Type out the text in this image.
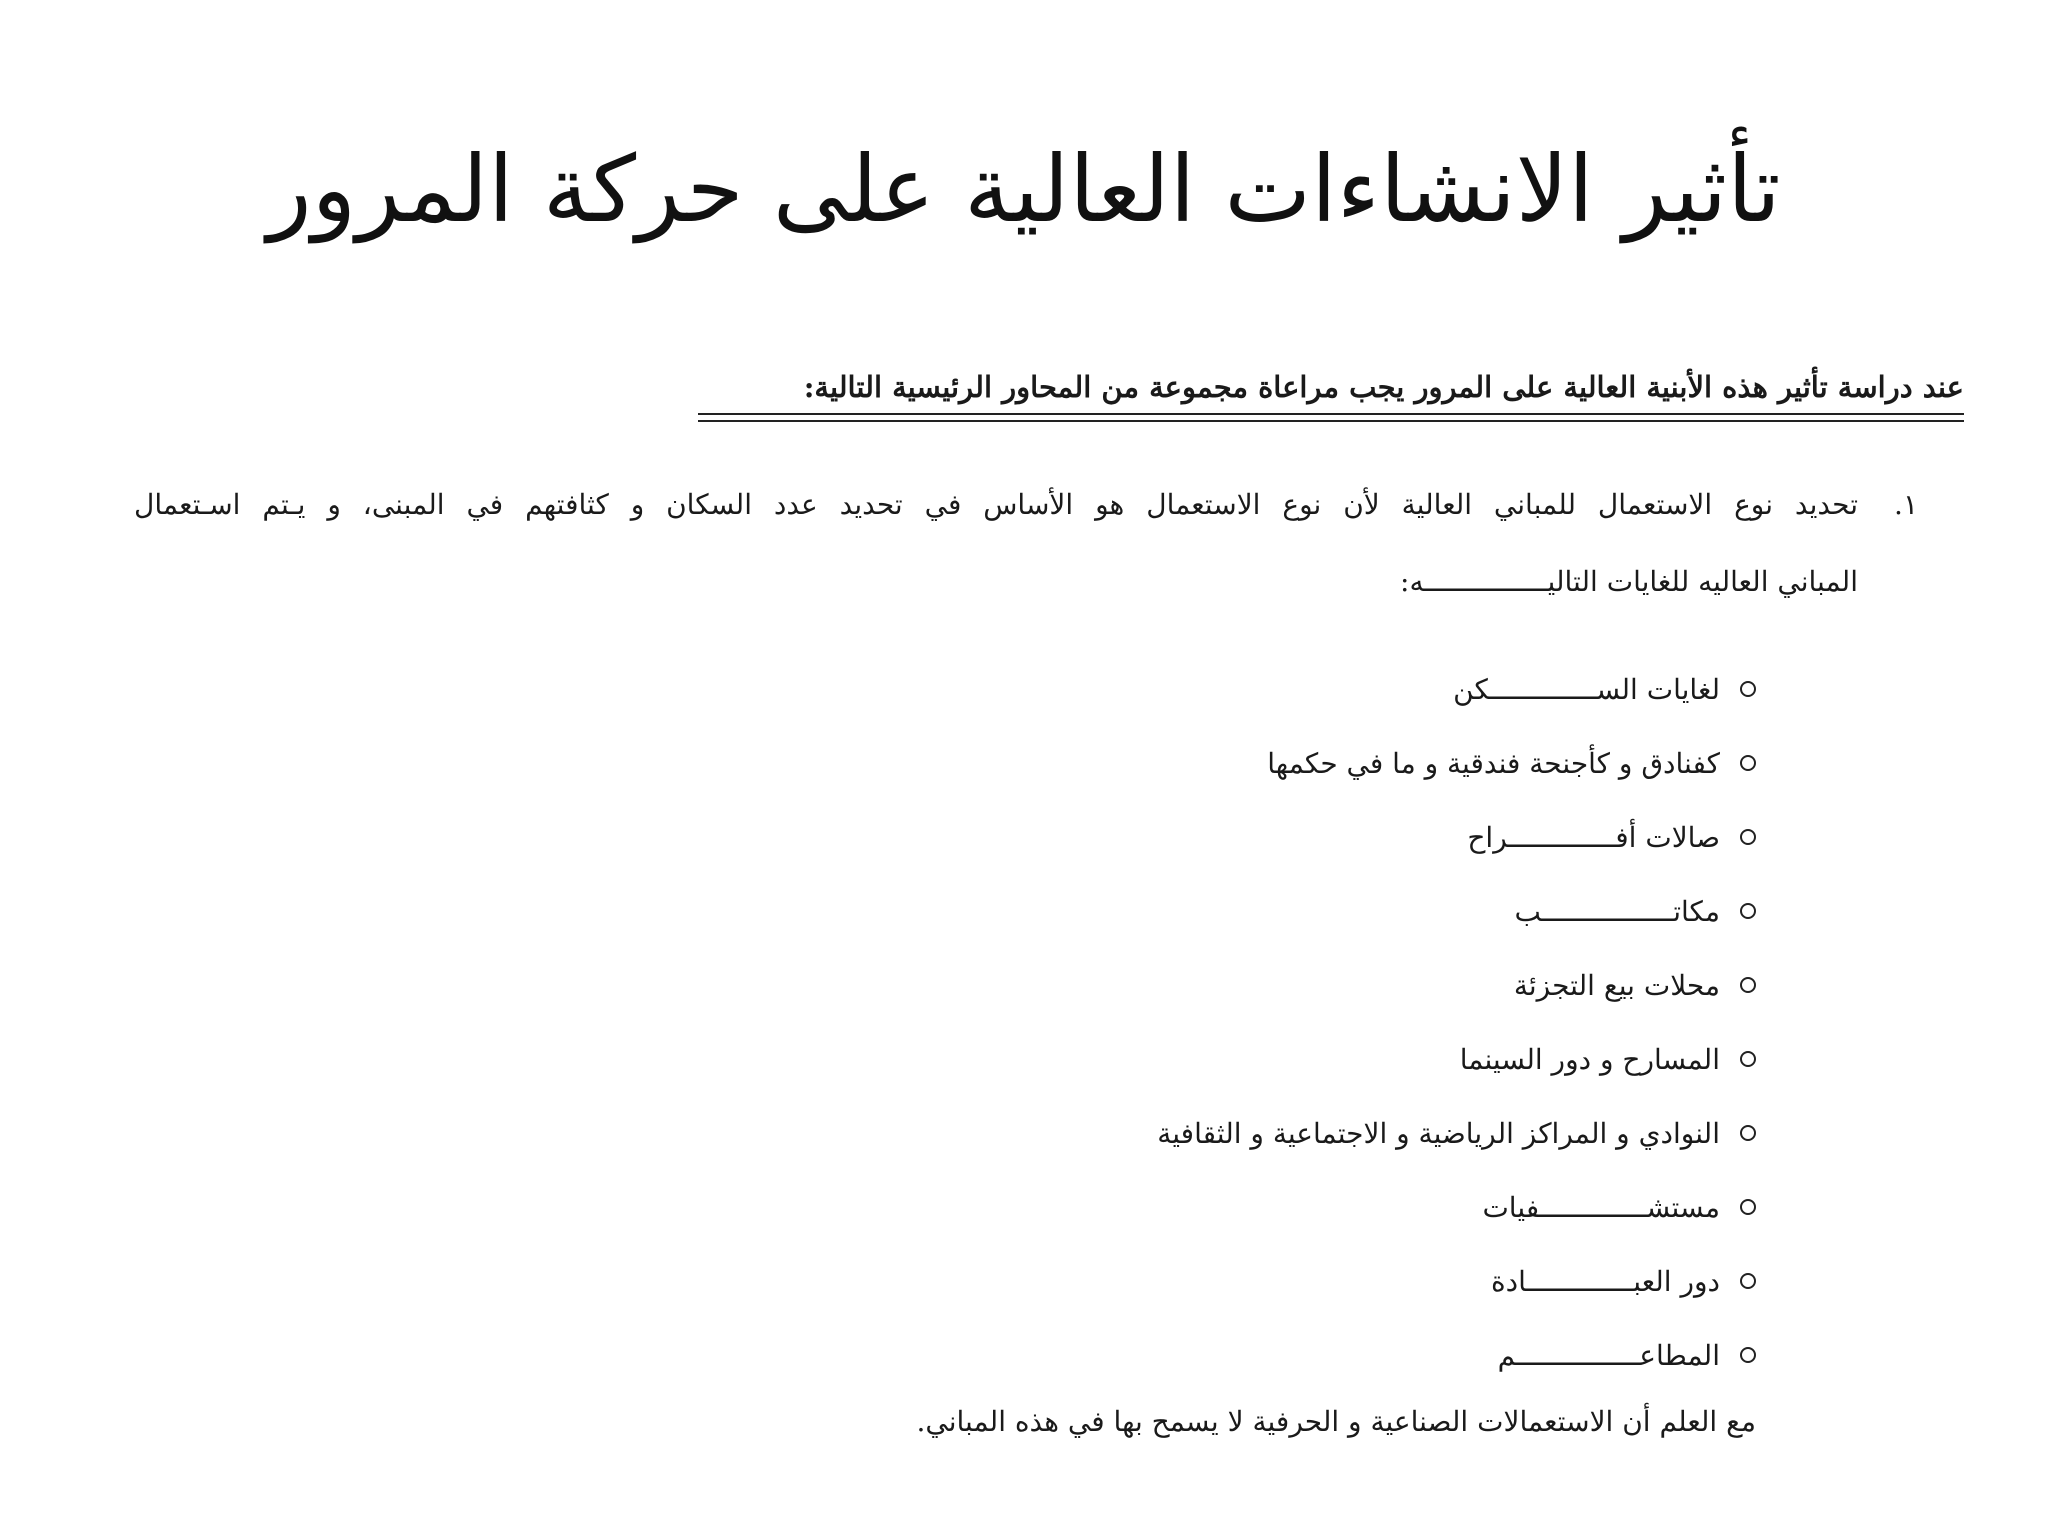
تأثير الانشاءات العالية على حركة المرور
عند دراسة تأثير هذه الأبنية العالية على المرور يجب مراعاة مجموعة من المحاور الرئيسية التالية:
١.
تحديد نوع الاستعمال للمباني العالية لأن نوع الاستعمال هو الأساس في تحديد عدد السكان و كثافتهم في المبنى، و يـتم اسـتعمال
المباني العاليه للغايات التاليـــــــــــــــه:
لغايات الســـــــــــــكن
كفنادق و كأجنحة فندقية و ما في حكمها
صالات أفـــــــــــــراح
مكاتــــــــــــــــب
محلات بيع التجزئة
المسارح و دور السينما
النوادي و المراكز الرياضية و الاجتماعية و الثقافية
مستشـــــــــــــفيات
دور العبـــــــــــــادة
المطاعـــــــــــــــم
مع العلم أن الاستعمالات الصناعية و الحرفية لا يسمح بها في هذه المباني.
